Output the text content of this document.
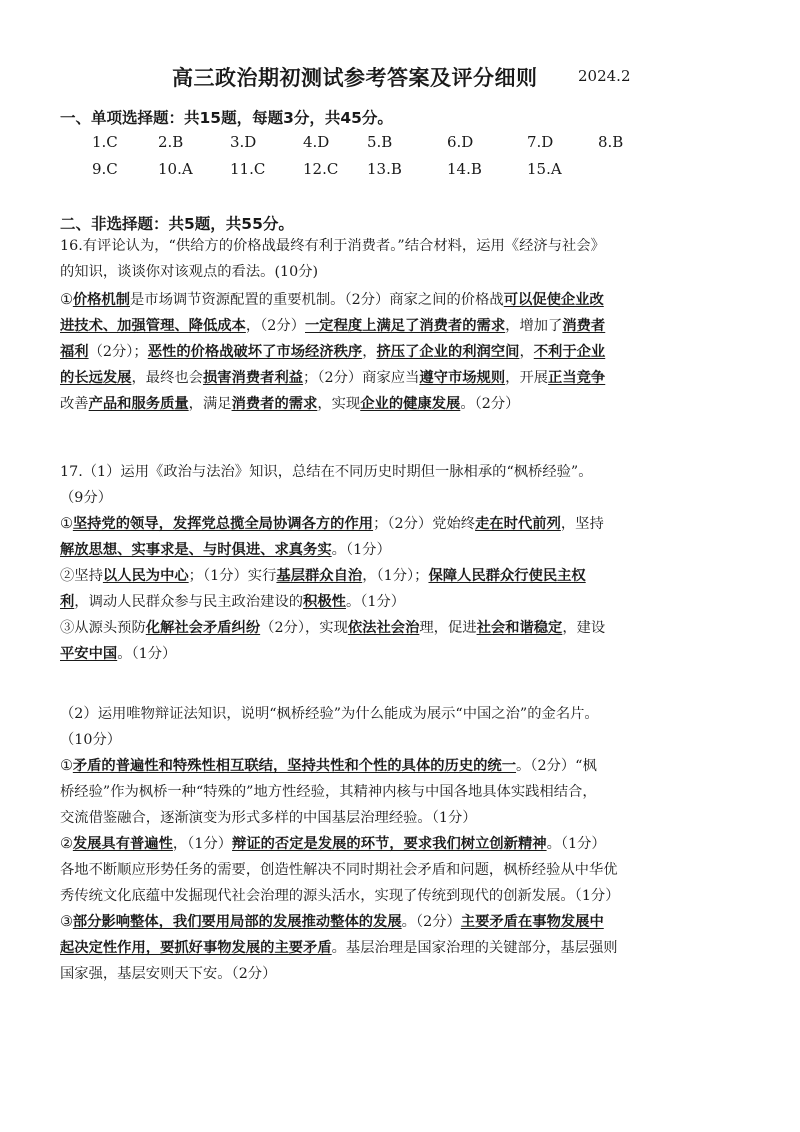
高三政治期初测试参考答案及评分细则	2024.2
一、单项选择题：共15题，每题3分，共45分。
1.C	2.B	3.D	4.D	5.B	6.D	7.D	8.B
9.C	10.A 11.C	12.C 13.B	14.B	15.A
二、非选择题：共5题，共55分。
16.有评论认为，“供给方的价格战最终有利于消费者。”结合材料，运用《经济与社会》
的知识，谈谈你对该观点的看法。(10分)
①价格机制是市场调节资源配置的重要机制。（2分）商家之间的价格战可以促使企业改
进技术、加强管理、降低成本，（2分）一定程度上满足了消费者的需求，增加了消费者
福利（2分）；恶性的价格战破坏了市场经济秩序，挤压了企业的利润空间，不利于企业
的长远发展，最终也会损害消费者利益；（2分）商家应当遵守市场规则，开展正当竞争
改善产品和服务质量，满足消费者的需求，实现企业的健康发展。（2分）
17.（1）运用《政治与法治》知识，总结在不同历史时期但一脉相承的“枫桥经验”。
（9分）
①坚持党的领导，发挥党总揽全局协调各方的作用；（2分）党始终走在时代前列，坚持
解放思想、实事求是、与时俱进、求真务实。（1分）
②坚持以人民为中心；（1分）实行基层群众自治，（1分）；保障人民群众行使民主权
利，调动人民群众参与民主政治建设的积极性。（1分）
③从源头预防化解社会矛盾纠纷（2分），实现依法社会治理，促进社会和谐稳定，建设
平安中国。（1分）
（2）运用唯物辩证法知识，说明“枫桥经验”为什么能成为展示“中国之治”的金名片。
（10分）
①矛盾的普遍性和特殊性相互联结，坚持共性和个性的具体的历史的统一。（2分）“枫
桥经验”作为枫桥一种“特殊的”地方性经验，其精神内核与中国各地具体实践相结合，
交流借鉴融合，逐渐演变为形式多样的中国基层治理经验。（1分）
②发展具有普遍性，（1分）辩证的否定是发展的环节，要求我们树立创新精神。（1分）
各地不断顺应形势任务的需要，创造性解决不同时期社会矛盾和问题，枫桥经验从中华优
秀传统文化底蕴中发掘现代社会治理的源头活水，实现了传统到现代的创新发展。（1分）
③部分影响整体，我们要用局部的发展推动整体的发展。（2分）主要矛盾在事物发展中
起决定性作用，要抓好事物发展的主要矛盾。基层治理是国家治理的关键部分，基层强则
国家强，基层安则天下安。（2分）
